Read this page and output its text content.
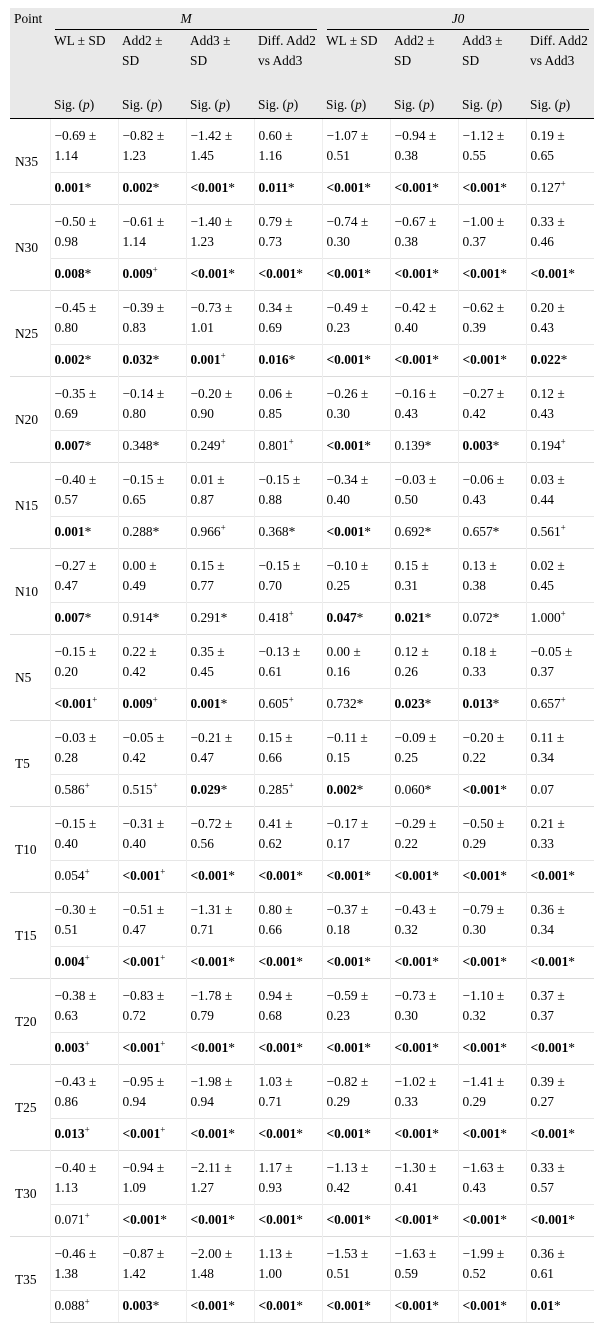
Point	M				J0			

	WL ± SD	Add2 ± SD	Add3 ± SD	Diff. Add2 vs Add3	WL ± SD	Add2 ± SD	Add3 ± SD	Diff. Add2 vs Add3
	Sig. (p)	Sig. (p)	Sig. (p)	Sig. (p)	Sig. (p)	Sig. (p)	Sig. (p)	Sig. (p)
N35	−0.69 ± 1.14	−0.82 ± 1.23	−1.42 ± 1.45	0.60 ± 1.16	−1.07 ± 0.51	−0.94 ± 0.38	−1.12 ± 0.55	0.19 ± 0.65
	0.001*	0.002*	<0.001*	0.011*	<0.001*	<0.001*	<0.001*	0.127+
N30	−0.50 ± 0.98	−0.61 ± 1.14	−1.40 ± 1.23	0.79 ± 0.73	−0.74 ± 0.30	−0.67 ± 0.38	−1.00 ± 0.37	0.33 ± 0.46
	0.008*	0.009+	<0.001*	<0.001*	<0.001*	<0.001*	<0.001*	<0.001*
N25	−0.45 ± 0.80	−0.39 ± 0.83	−0.73 ± 1.01	0.34 ± 0.69	−0.49 ± 0.23	−0.42 ± 0.40	−0.62 ± 0.39	0.20 ± 0.43
	0.002*	0.032*	0.001+	0.016*	<0.001*	<0.001*	<0.001*	0.022*
N20	−0.35 ± 0.69	−0.14 ± 0.80	−0.20 ± 0.90	0.06 ± 0.85	−0.26 ± 0.30	−0.16 ± 0.43	−0.27 ± 0.42	0.12 ± 0.43
	0.007*	0.348*	0.249+	0.801+	<0.001*	0.139*	0.003*	0.194+
N15	−0.40 ± 0.57	−0.15 ± 0.65	0.01 ± 0.87	−0.15 ± 0.88	−0.34 ± 0.40	−0.03 ± 0.50	−0.06 ± 0.43	0.03 ± 0.44
	0.001*	0.288*	0.966+	0.368*	<0.001*	0.692*	0.657*	0.561+
N10	−0.27 ± 0.47	0.00 ± 0.49	0.15 ± 0.77	−0.15 ± 0.70	−0.10 ± 0.25	0.15 ± 0.31	0.13 ± 0.38	0.02 ± 0.45
	0.007*	0.914*	0.291*	0.418+	0.047*	0.021*	0.072*	1.000+
N5	−0.15 ± 0.20	0.22 ± 0.42	0.35 ± 0.45	−0.13 ± 0.61	0.00 ± 0.16	0.12 ± 0.26	0.18 ± 0.33	−0.05 ± 0.37
	<0.001+	0.009+	0.001*	0.605+	0.732*	0.023*	0.013*	0.657+
T5	−0.03 ± 0.28	−0.05 ± 0.42	−0.21 ± 0.47	0.15 ± 0.66	−0.11 ± 0.15	−0.09 ± 0.25	−0.20 ± 0.22	0.11 ± 0.34
	0.586+	0.515+	0.029*	0.285+	0.002*	0.060*	<0.001*	0.07
T10	−0.15 ± 0.40	−0.31 ± 0.40	−0.72 ± 0.56	0.41 ± 0.62	−0.17 ± 0.17	−0.29 ± 0.22	−0.50 ± 0.29	0.21 ± 0.33
	0.054+	<0.001+	<0.001*	<0.001*	<0.001*	<0.001*	<0.001*	<0.001*
T15	−0.30 ± 0.51	−0.51 ± 0.47	−1.31 ± 0.71	0.80 ± 0.66	−0.37 ± 0.18	−0.43 ± 0.32	−0.79 ± 0.30	0.36 ± 0.34
	0.004+	<0.001+	<0.001*	<0.001*	<0.001*	<0.001*	<0.001*	<0.001*
T20	−0.38 ± 0.63	−0.83 ± 0.72	−1.78 ± 0.79	0.94 ± 0.68	−0.59 ± 0.23	−0.73 ± 0.30	−1.10 ± 0.32	0.37 ± 0.37
	0.003+	<0.001+	<0.001*	<0.001*	<0.001*	<0.001*	<0.001*	<0.001*
T25	−0.43 ± 0.86	−0.95 ± 0.94	−1.98 ± 0.94	1.03 ± 0.71	−0.82 ± 0.29	−1.02 ± 0.33	−1.41 ± 0.29	0.39 ± 0.27
	0.013+	<0.001+	<0.001*	<0.001*	<0.001*	<0.001*	<0.001*	<0.001*
T30	−0.40 ± 1.13	−0.94 ± 1.09	−2.11 ± 1.27	1.17 ± 0.93	−1.13 ± 0.42	−1.30 ± 0.41	−1.63 ± 0.43	0.33 ± 0.57
	0.071+	<0.001*	<0.001*	<0.001*	<0.001*	<0.001*	<0.001*	<0.001*
T35	−0.46 ± 1.38	−0.87 ± 1.42	−2.00 ± 1.48	1.13 ± 1.00	−1.53 ± 0.51	−1.63 ± 0.59	−1.99 ± 0.52	0.36 ± 0.61
	0.088+	0.003*	<0.001*	<0.001*	<0.001*	<0.001*	<0.001*	0.01*
